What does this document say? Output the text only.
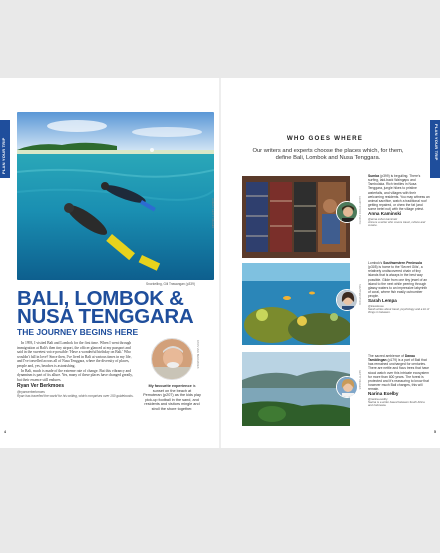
PLAN YOUR TRIP
Snorkelling, Gili Trawangan (p339)
JAMES / GETTY IMAGES
BALI, LOMBOK & NUSA TENGGARA
THE JOURNEY BEGINS HERE

In 1993, I visited Bali and Lombok for the first time. When I went through immigration at Bali's then tiny airport, the officer glanced at my passport and said in the sweetest voice possible: 'Have a wonderful birthday on Bali.' Who wouldn't fall in love? Since then, I've lived in Bali at various times in my life, and I've travelled across all of Nusa Tenggara, where the diversity of places, people and, yes, beaches is astonishing.

In Bali, much is made of the extreme rate of change. But this vibrancy and dynamism is part of its allure. Yes, many of these places have changed greatly, but their essence still endures.

Ryan Ver Berkmoes
@ryanverberkmoes
Ryan has travelled the world for his writing, which comprises over 150 guidebooks.
RYAN VER BERKMOES
My favourite experience is sunset on the beach at Pemuteran (p207) as the kids play pick-up football in the sand, and residents and visitors mingle and stroll the shore together.
4
PLAN YOUR TRIP
WHO GOES WHERE
Our writers and experts choose the places which, for them, define Bali, Lombok and Nusa Tenggara.
ALAMY STOCK PHOTO
SHUTTERSTOCK
GETTY IMAGES
Sumba (p399) is beguiling. There's surfing, laid-back Waingapu and Tambolaka. Rich textiles in Nusa Tenggara, jungle hikes to pristine waterfalls, and villages with their welcoming residents. You may witness an animal sacrifice, watch a traditional roof getting repaired, or chew the fat (and some betel nut) with the village priest.
Anna Kaminski
@anna.cohen.kaminski
Anna is a writer who covers travel, culture and cuisine.
Lombok's Southwestern Peninsula (p305) is home to the 'Secret Gilis', a relatively undiscovered chain of tiny islands that is always in the best way possible. Glide from one tiny jewel of an island to the next while peering through glassy waters to an impressive labyrinth of coral, where fish easily outnumber people.
Sarah Lempa
@travelessa
Sarah writes about travel, psychology and a lot of things in between.
The sacred ambience of Danau Tamblingan (p179) is a part of Bali that has remained unchanged for centuries. There are nettle and ficus trees that have stood watch over this intricate ecosystem for more than 600 years. The forest is protected and it's reassuring to know that however much Bali changes, this will remain.
Narina Exelby
@narina.exelby
Narina is a writer based between South Africa and Indonesia.
5
